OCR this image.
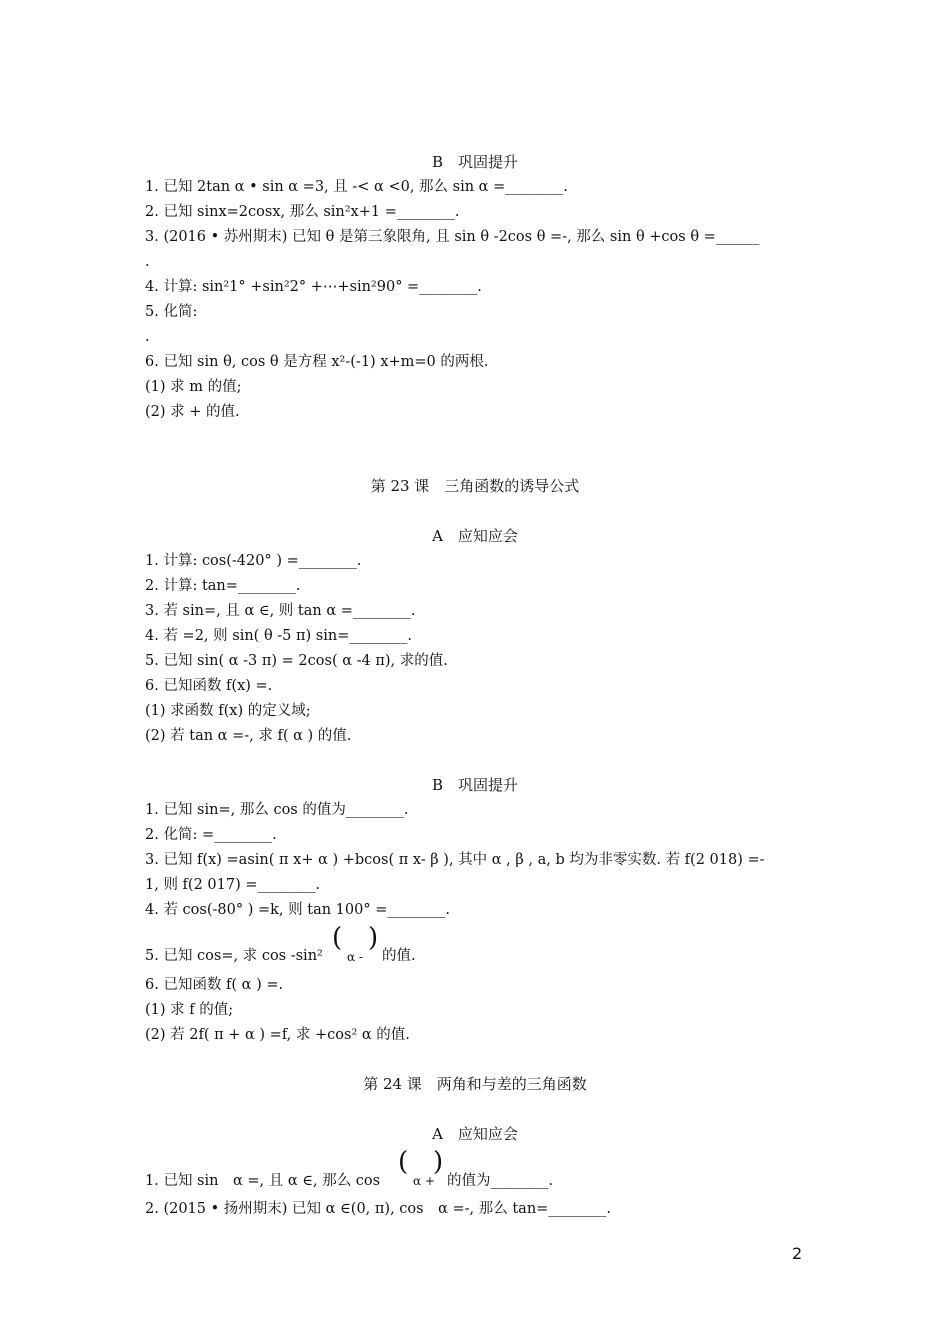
B　巩固提升
1. 已知 2tan α • sin α =3, 且 -< α <0, 那么 sin α =________.
2. 已知 sinx=2cosx, 那么 sin²x+1 =________.
3. (2016 • 苏州期末) 已知 θ 是第三象限角, 且 sin θ -2cos θ =-, 那么 sin θ +cos θ =______
.
4. 计算: sin²1° +sin²2° +⋯+sin²90° =________.
5. 化简:
.
6. 已知 sin θ, cos θ 是方程 x²-(-1) x+m=0 的两根.
(1) 求 m 的值;
(2) 求 + 的值.
第 23 课　三角函数的诱导公式
A　应知应会
1. 计算: cos(-420° ) =________.
2. 计算: tan=________.
3. 若 sin=, 且 α ∈, 则 tan α =________.
4. 若 =2, 则 sin( θ -5 π) sin=________.
5. 已知 sin( α -3 π) = 2cos( α -4 π), 求的值.
6. 已知函数 f(x) =.
(1) 求函数 f(x) 的定义域;
(2) 若 tan α =-, 求 f( α ) 的值.
B　巩固提升
1. 已知 sin=, 那么 cos 的值为________.
2. 化简: =________.
3. 已知 f(x) =asin( π x+ α ) +bcos( π x- β ), 其中 α , β , a, b 均为非零实数. 若 f(2 018) =-
1, 则 f(2 017) =________.
4. 若 cos(-80° ) =k, 则 tan 100° =________.
5. 已知 cos=, 求 cos -sin²
(
α -
)
的值.
6. 已知函数 f( α ) =.
(1) 求 f 的值;
(2) 若 2f( π + α ) =f, 求 +cos² α 的值.
第 24 课　两角和与差的三角函数
A　应知应会
1. 已知 sin　α =, 且 α ∈, 那么 cos
(
α +
)
的值为________.
2. (2015 • 扬州期末) 已知 α ∈(0, π), cos　α =-, 那么 tan=________.
2
